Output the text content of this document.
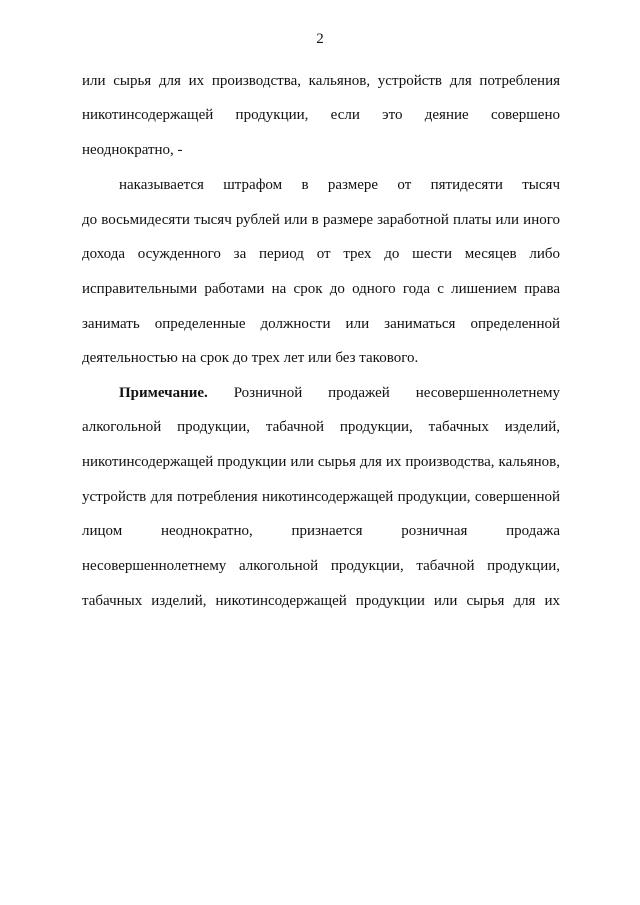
2
или сырья для их производства, кальянов, устройств для потребления
никотинсодержащей продукции, если это деяние совершено
неоднократно, -
наказывается штрафом в размере от пятидесяти тысяч
до восьмидесяти тысяч рублей или в размере заработной платы или иного
дохода осужденного за период от трех до шести месяцев либо
исправительными работами на срок до одного года с лишением права
занимать определенные должности или заниматься определенной
деятельностью на срок до трех лет или без такового.
Примечание. Розничной продажей несовершеннолетнему
алкогольной продукции, табачной продукции, табачных изделий,
никотинсодержащей продукции или сырья для их производства, кальянов,
устройств для потребления никотинсодержащей продукции, совершенной
лицом неоднократно, признается розничная продажа
несовершеннолетнему алкогольной продукции, табачной продукции,
табачных изделий, никотинсодержащей продукции или сырья для их
